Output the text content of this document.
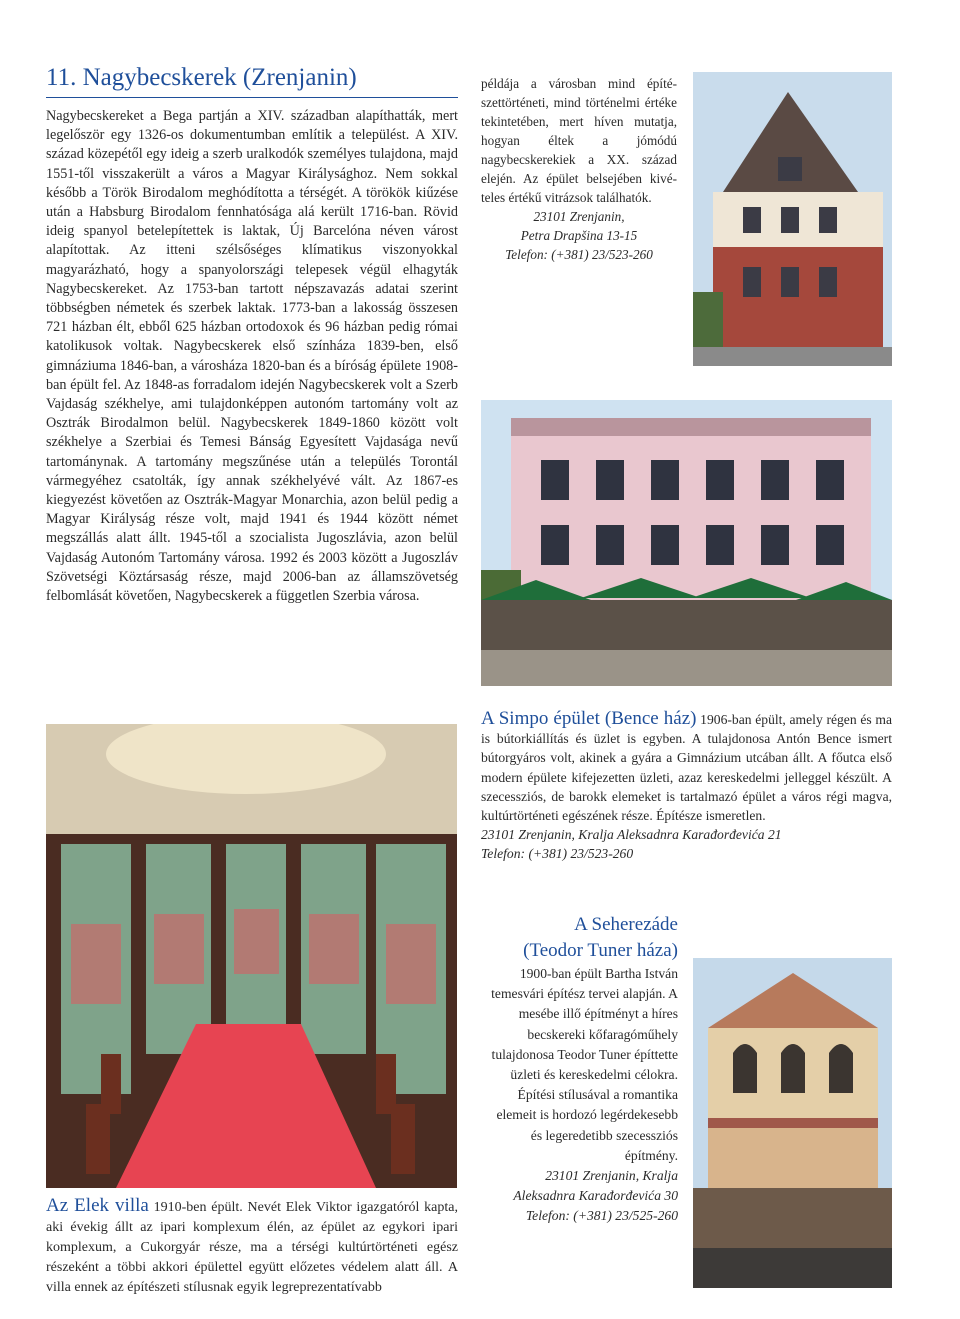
11. Nagybecskerek (Zrenjanin)
Nagybecskereket a Bega partján a XIV. században alapíthatták, mert legelőször egy 1326-os dokumentumban említik a települést. A XIV. század közepétől egy ideig a szerb uralkodók személyes tulajdona, majd 1551-től visszakerült a város a Magyar Királysághoz. Nem sokkal később a Török Birodalom meghódította a térségét. A törökök kiűzése után a Habsburg Birodalom fennhatósága alá került 1716-ban. Rövid ideig spanyol betelepítettek is laktak, Új Barcelóna néven várost alapítottak. Az itteni szélsőséges klímatikus viszonyokkal magyarázható, hogy a spanyolországi telepesek végül elhagyták Nagybecskereket. Az 1753-ban tartott népszavazás adatai szerint többségben németek és szerbek laktak. 1773-ban a lakosság összesen 721 házban élt, ebből 625 házban ortodoxok és 96 házban pedig római katolikusok voltak. Nagybecskerek első színháza 1839-ben, első gimnáziuma 1846-ban, a városháza 1820-ban és a bíróság épülete 1908-ban épült fel. Az 1848-as forradalom idején Nagybecskerek volt a Szerb Vajdaság székhelye, ami tulajdonképpen autonóm tartomány volt az Osztrák Birodalmon belül. Nagybecskerek 1849-1860 között volt székhelye a Szerbiai és Temesi Bánság Egyesített Vajdasága nevű tartománynak. A tartomány megszűnése után a település Torontál vármegyéhez csatolták, így annak székhelyévé vált. Az 1867-es kiegyezést követően az Osztrák-Magyar Monarchia, azon belül pedig a Magyar Királyság része volt, majd 1941 és 1944 között német megszállás alatt állt. 1945-től a szocialista Jugoszlávia, azon belül Vajdaság Autonóm Tartomány városa. 1992 és 2003 között a Jugoszláv Szövetségi Köztársaság része, majd 2006-ban az államszövetség felbomlását követően, Nagybecskerek a független Szerbia városa.
példája a városban mind építészettörténeti, mind történelmi értéke tekintetében, mert híven mutatja, hogyan éltek a jómódú nagybecskerekiek a XX. század elején. Az épület belsejében kivételes értékű vitrázsok találhatók.
23101 Zrenjanin,
Petra Drapšina 13-15
Telefon: (+381) 23/523-260
A Simpo épület (Bence ház) 1906-ban épült, amely régen és ma is bútorkiállítás és üzlet is egyben. A tulajdonosa Antón Bence ismert bútorgyáros volt, akinek a gyára a Gimnázium utcában állt. A főutca első modern épülete kifejezetten üzleti, azaz kereskedelmi jelleggel készült. A szecessziós, de barokk elemeket is tartalmazó épület a város régi magva, kultúrtörténeti egészének része. Építésze ismeretlen.
23101 Zrenjanin, Kralja Aleksadnra Karađorđevića 21
Telefon: (+381) 23/523-260
A Seherezáde
(Teodor Tuner háza)
1900-ban épült Bartha István temesvári építész tervei alapján. A mesébe illő építményt a híres becskereki kőfaragóműhely tulajdonosa Teodor Tuner építtette üzleti és kereskedelmi célokra. Építési stílusával a romantika elemeit is hordozó legérdekesebb és legeredetibb szecessziós építmény.
23101 Zrenjanin, Kralja
Aleksadnra Karađorđevića 30
Telefon: (+381) 23/525-260
Az Elek villa 1910-ben épült. Nevét Elek Viktor igazgatóról kapta, aki évekig állt az ipari komplexum élén, az épület az egykori ipari komplexum, a Cukorgyár része, ma a térségi kultúrtörténeti egész részeként a többi akkori épülettel együtt előzetes védelem alatt áll. A villa ennek az építészeti stílusnak egyik legreprezentatívabb
